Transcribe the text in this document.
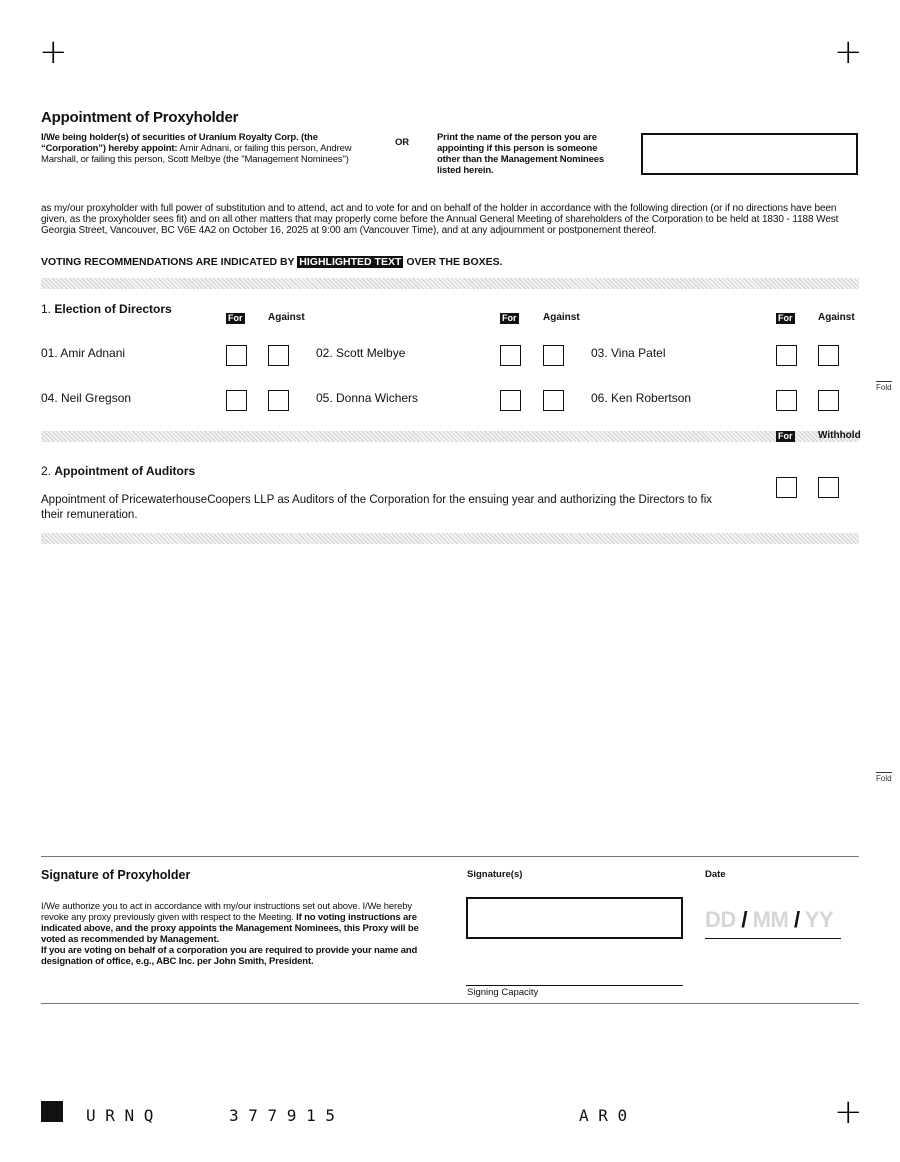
+	+
+
Appointment of Proxyholder
I/We being holder(s) of securities of Uranium Royalty Corp. (the “Corporation”) hereby appoint: Amir Adnani, or failing this person, Andrew Marshall, or failing this person, Scott Melbye (the "Management Nominees")
OR	Print the name of the person you are appointing if this person is someone other than the Management Nominees listed herein.
as my/our proxyholder with full power of substitution and to attend, act and to vote for and on behalf of the holder in accordance with the following direction (or if no directions have been given, as the proxyholder sees fit) and on all other matters that may properly come before the Annual General Meeting of shareholders of the Corporation to be held at 1830 - 1188 West Georgia Street, Vancouver, BC V6E 4A2 on October 16, 2025 at 9:00 am (Vancouver Time), and at any adjournment or postponement thereof.
VOTING RECOMMENDATIONS ARE INDICATED BY HIGHLIGHTED TEXT OVER THE BOXES.
1. Election of Directors
For	Against	For	Against	For	Against
01. Amir Adnani	02. Scott Melbye	03. Vina Patel
04. Neil Gregson	05. Donna Wichers	06. Ken Robertson
Fold
For	Withhold
2. Appointment of Auditors
Appointment of PricewaterhouseCoopers LLP as Auditors of the Corporation for the ensuing year and authorizing the Directors to fix their remuneration.
Fold
Signature of Proxyholder
I/We authorize you to act in accordance with my/our instructions set out above. I/We hereby revoke any proxy previously given with respect to the Meeting. If no voting instructions are indicated above, and the proxy appoints the Management Nominees, this Proxy will be voted as recommended by Management.
If you are voting on behalf of a corporation you are required to provide your name and designation of office, e.g., ABC Inc. per John Smith, President.
Signature(s)
Signing Capacity
Date
DD / MM / YY
U R N Q	3 7 7 9 1 5	A R 0
